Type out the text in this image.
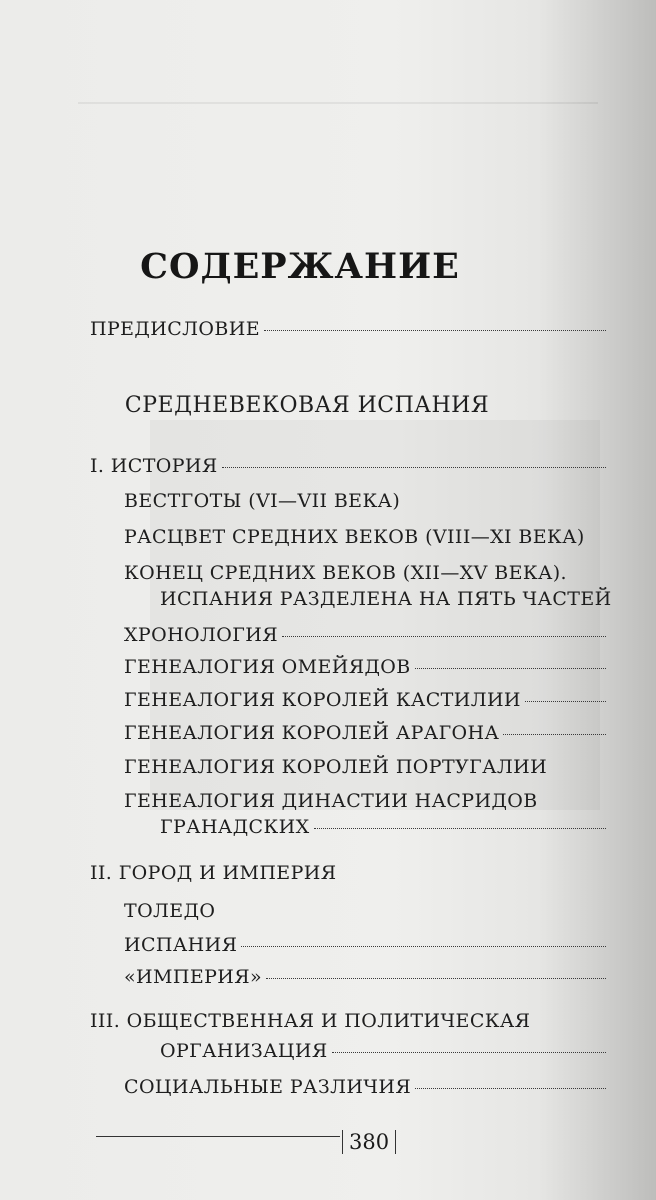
СОДЕРЖАНИЕ
ПРЕДИСЛОВИЕ
СРЕДНЕВЕКОВАЯ ИСПАНИЯ
I. ИСТОРИЯ
ВЕСТГОТЫ (VI—VII ВЕКА)
РАСЦВЕТ СРЕДНИХ ВЕКОВ (VIII—XI ВЕКА)
КОНЕЦ СРЕДНИХ ВЕКОВ (XII—XV ВЕКА).
ИСПАНИЯ РАЗДЕЛЕНА НА ПЯТЬ ЧАСТЕЙ
ХРОНОЛОГИЯ
ГЕНЕАЛОГИЯ ОМЕЙЯДОВ
ГЕНЕАЛОГИЯ КОРОЛЕЙ КАСТИЛИИ
ГЕНЕАЛОГИЯ КОРОЛЕЙ АРАГОНА
ГЕНЕАЛОГИЯ КОРОЛЕЙ ПОРТУГАЛИИ
ГЕНЕАЛОГИЯ ДИНАСТИИ НАСРИДОВ
ГРАНАДСКИХ
II. ГОРОД И ИМПЕРИЯ
ТОЛЕДО
ИСПАНИЯ
«ИМПЕРИЯ»
III. ОБЩЕСТВЕННАЯ И ПОЛИТИЧЕСКАЯ
ОРГАНИЗАЦИЯ
СОЦИАЛЬНЫЕ РАЗЛИЧИЯ
380
